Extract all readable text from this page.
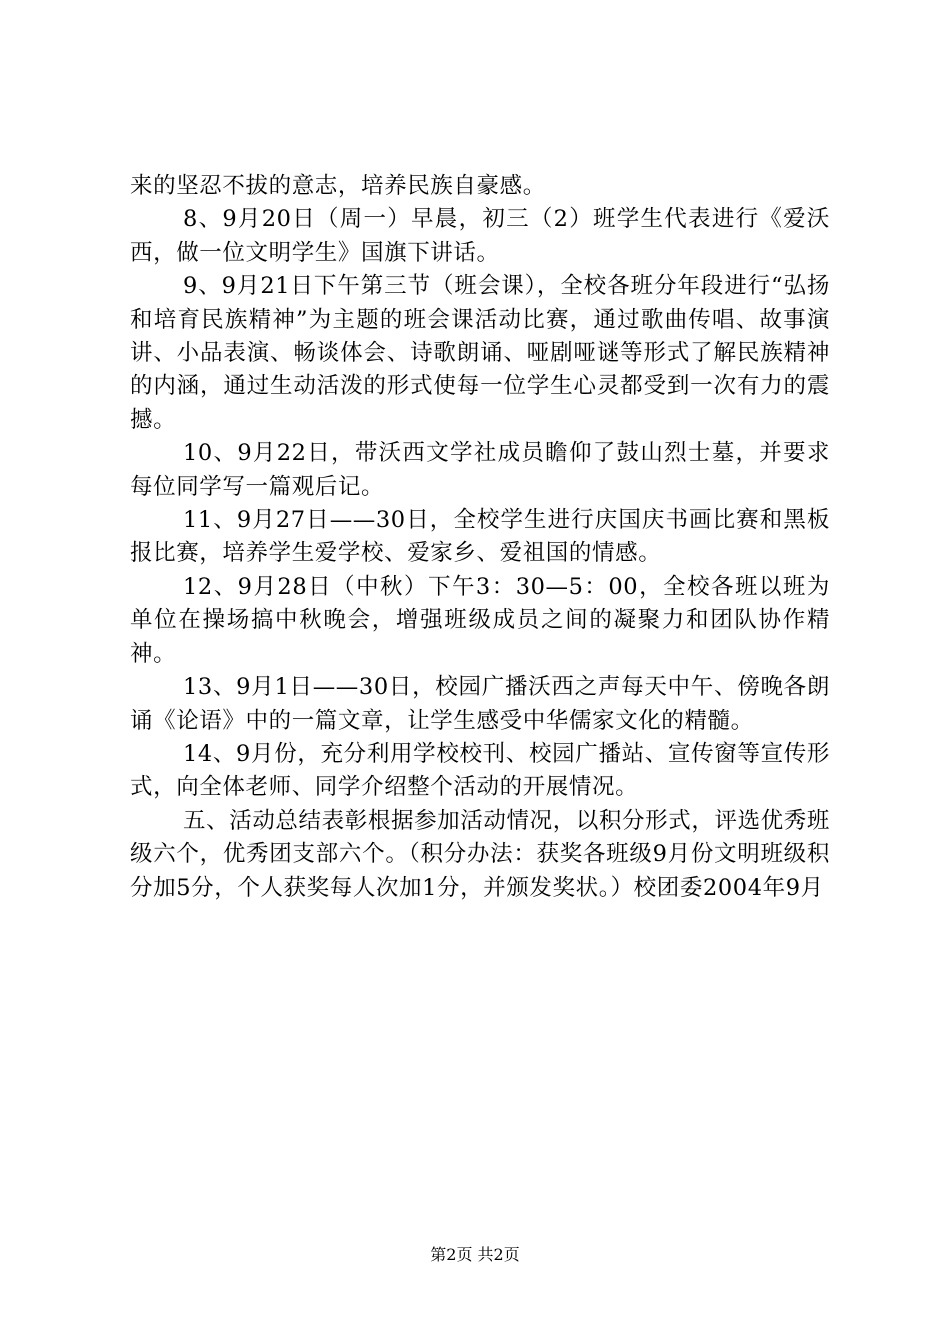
来的坚忍不拔的意志，培养民族自豪感。

8、9月20日（周一）早晨，初三（2）班学生代表进行《爱沃西，做一位文明学生》国旗下讲话。

9、9月21日下午第三节（班会课），全校各班分年段进行“弘扬和培育民族精神”为主题的班会课活动比赛，通过歌曲传唱、故事演讲、小品表演、畅谈体会、诗歌朗诵、哑剧哑谜等形式了解民族精神的内涵，通过生动活泼的形式使每一位学生心灵都受到一次有力的震撼。

10、9月22日，带沃西文学社成员瞻仰了鼓山烈士墓，并要求每位同学写一篇观后记。

11、9月27日——30日，全校学生进行庆国庆书画比赛和黑板报比赛，培养学生爱学校、爱家乡、爱祖国的情感。

12、9月28日（中秋）下午3：30—5：00，全校各班以班为单位在操场搞中秋晚会，增强班级成员之间的凝聚力和团队协作精神。

13、9月1日——30日，校园广播沃西之声每天中午、傍晚各朗诵《论语》中的一篇文章，让学生感受中华儒家文化的精髓。

14、9月份，充分利用学校校刊、校园广播站、宣传窗等宣传形式，向全体老师、同学介绍整个活动的开展情况。

五、活动总结表彰根据参加活动情况，以积分形式，评选优秀班级六个，优秀团支部六个。（积分办法：获奖各班级9月份文明班级积分加5分，个人获奖每人次加1分，并颁发奖状。）校团委2004年9月

第2页 共2页
